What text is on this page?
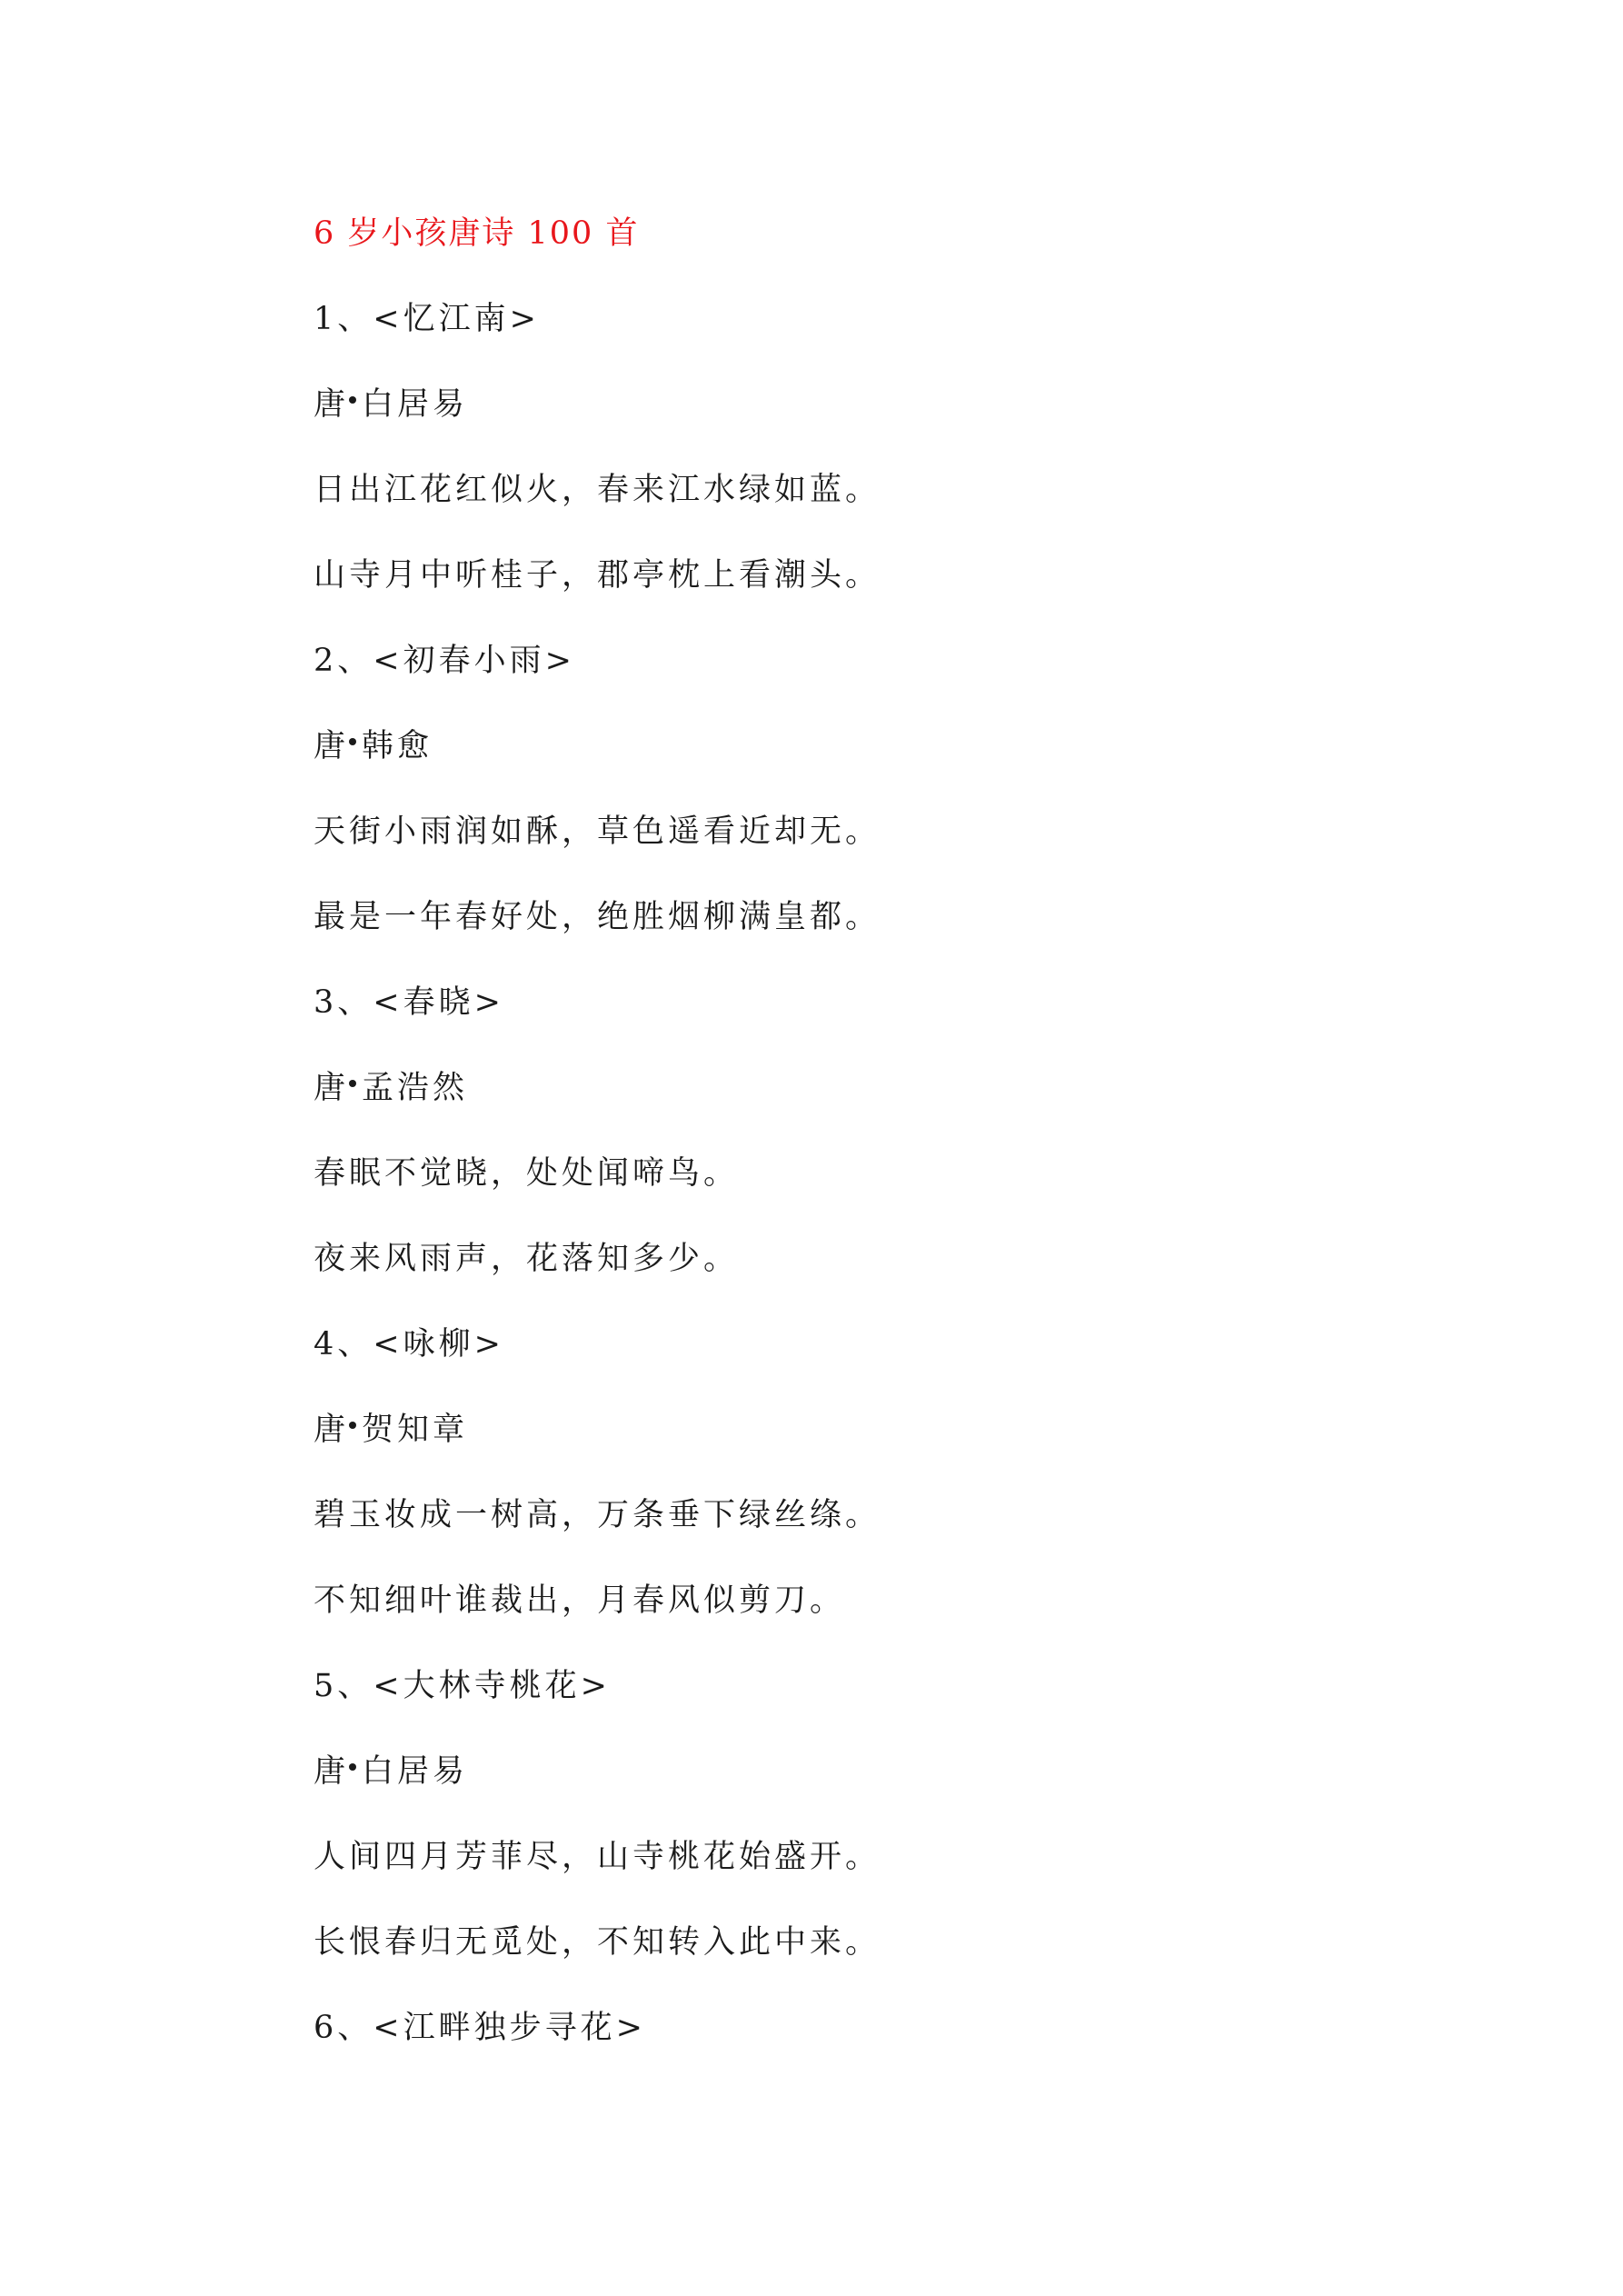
6 岁小孩唐诗 100 首
1、<忆江南>
唐 白居易
日出江花红似火，春来江水绿如蓝。
山寺月中听桂子，郡亭枕上看潮头。
2、<初春小雨>
唐 韩愈
天街小雨润如酥，草色遥看近却无。
最是一年春好处，绝胜烟柳满皇都。
3、<春晓>
唐 孟浩然
春眠不觉晓，处处闻啼鸟。
夜来风雨声，花落知多少。
4、<咏柳>
唐 贺知章
碧玉妆成一树高，万条垂下绿丝绦。
不知细叶谁裁出，月春风似剪刀。
5、<大林寺桃花>
唐 白居易
人间四月芳菲尽，山寺桃花始盛开。
长恨春归无觅处，不知转入此中来。
6、<江畔独步寻花>
